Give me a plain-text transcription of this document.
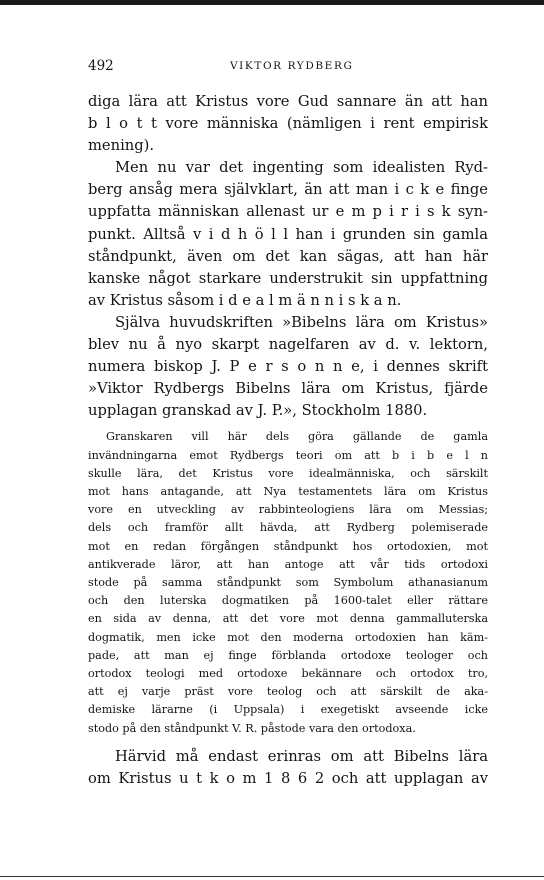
492	VIKTOR RYDBERG

diga lära att Kristus vore Gud sannare än att han
b l o t t vore människa (nämligen i rent empirisk
mening).
Men nu var det ingenting som idealisten Ryd-
berg ansåg mera självklart, än att man i c k e finge
uppfatta människan allenast ur e m p i r i s k syn-
punkt. Alltså v i d h ö l l han i grunden sin gamla
ståndpunkt, även om det kan sägas, att han här
kanske något starkare understrukit sin uppfattning
av Kristus såsom i d e a l m ä n n i s k a n.
Själva huvudskriften »Bibelns lära om Kristus»
blev nu å nyo skarpt nagelfaren av d. v. lektorn,
numera biskop J. P e r s o n n e, i dennes skrift
»Viktor Rydbergs Bibelns lära om Kristus, fjärde
upplagan granskad av J. P.», Stockholm 1880.

Granskaren vill här dels göra gällande de gamla
invändningarna emot Rydbergs teori om att b i b e l n
skulle lära, det Kristus vore idealmänniska, och särskilt
mot hans antagande, att Nya testamentets lära om Kristus
vore en utveckling av rabbinteologiens lära om Messias;
dels och framför allt hävda, att Rydberg polemiserade
mot en redan förgången ståndpunkt hos ortodoxien, mot
antikverade läror, att han antoge att vår tids ortodoxi
stode på samma ståndpunkt som Symbolum athanasianum
och den luterska dogmatiken på 1600-talet eller rättare
en sida av denna, att det vore mot denna gammalluterska
dogmatik, men icke mot den moderna ortodoxien han käm-
pade, att man ej finge förblanda ortodoxe teologer och
ortodox teologi med ortodoxe bekännare och ortodox tro,
att ej varje präst vore teolog och att särskilt de aka-
demiske lärarne (i Uppsala) i exegetiskt avseende icke
stodo på den ståndpunkt V. R. påstode vara den ortodoxa.

Härvid må endast erinras om att Bibelns lära
om Kristus u t k o m 1 8 6 2 och att upplagan av
